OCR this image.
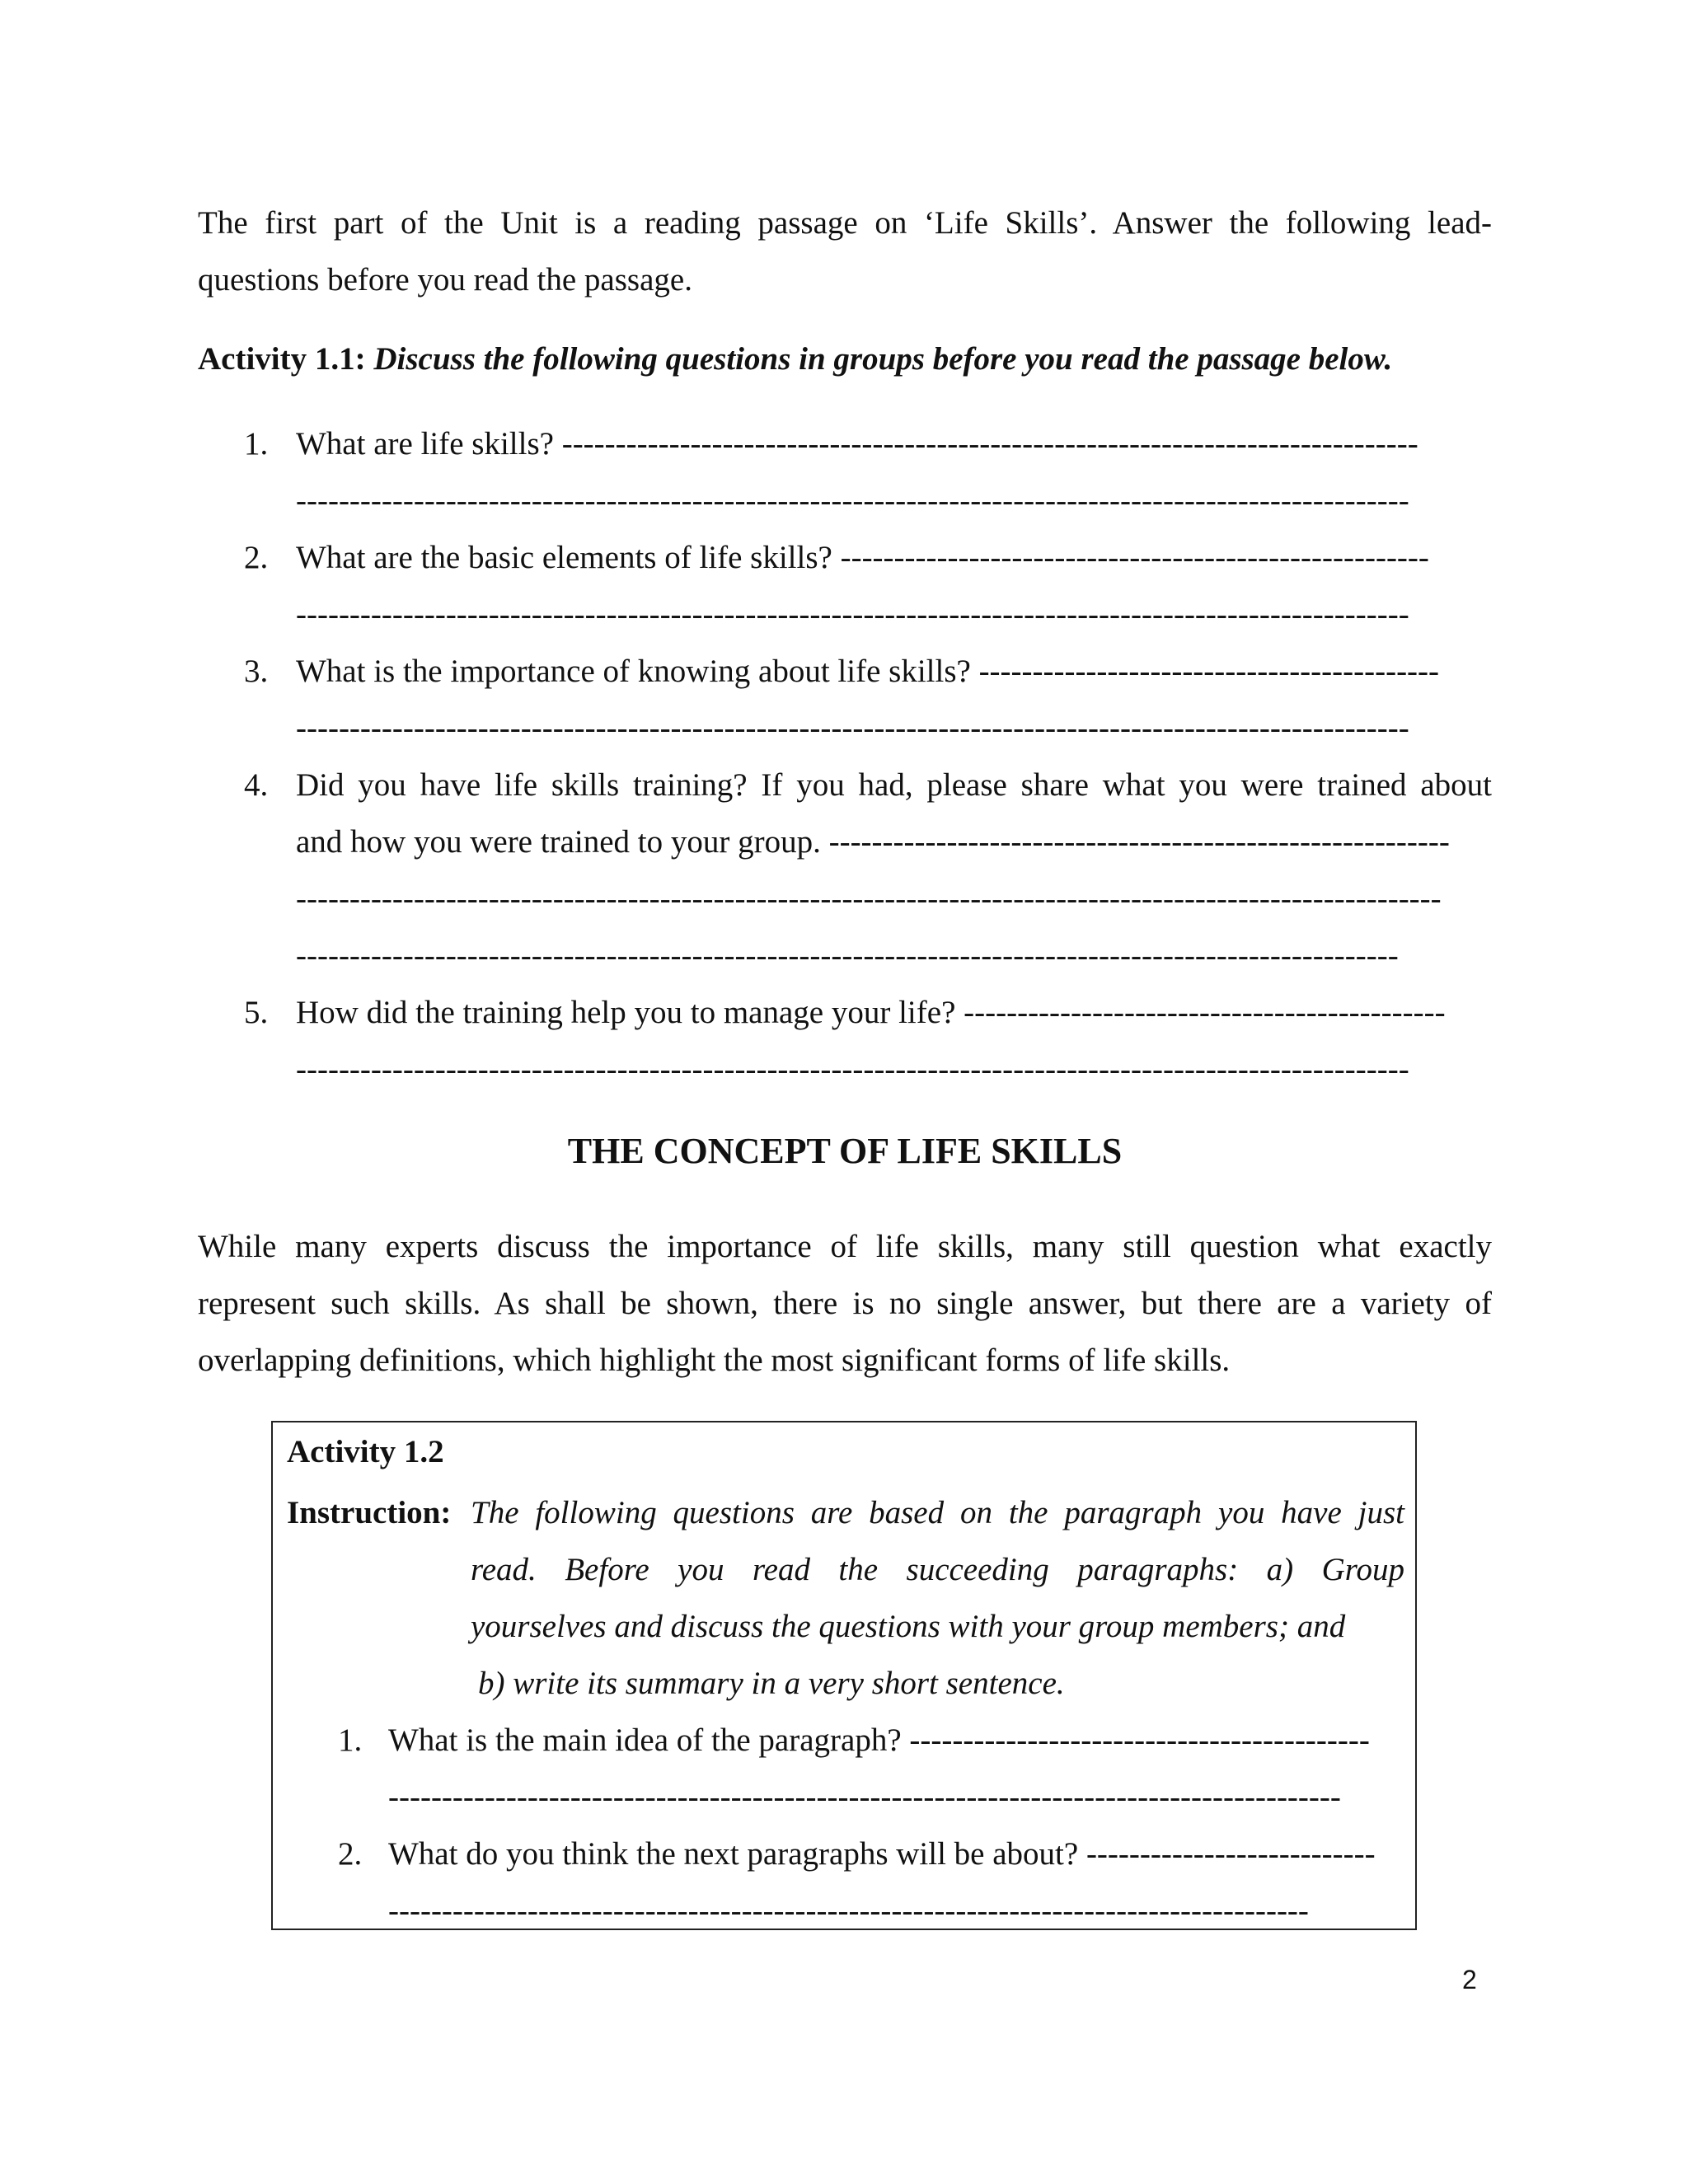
The first part of the Unit is a reading passage on ‘Life Skills’. Answer the following lead-
questions before you read the passage.
Activity 1.1: Discuss the following questions in groups before you read the passage below.
1. What are life skills? --------------------------------------------------------------------------------
--------------------------------------------------------------------------------------------------------
2. What are the basic elements of life skills? -------------------------------------------------------
--------------------------------------------------------------------------------------------------------
3. What is the importance of knowing about life skills? -------------------------------------------
--------------------------------------------------------------------------------------------------------
4. Did you have life skills training? If you had, please share what you were trained about
and how you were trained to your group. ----------------------------------------------------------
-----------------------------------------------------------------------------------------------------------
-------------------------------------------------------------------------------------------------------
5. How did the training help you to manage your life? ---------------------------------------------
--------------------------------------------------------------------------------------------------------
THE CONCEPT OF LIFE SKILLS
While many experts discuss the importance of life skills, many still question what exactly
represent such skills. As shall be shown, there is no single answer, but there are a variety of
overlapping definitions, which highlight the most significant forms of life skills.
Activity 1.2
Instruction: The following questions are based on the paragraph you have just
read. Before you read the succeeding paragraphs: a) Group
yourselves and discuss the questions with your group members; and
b) write its summary in a very short sentence.
1. What is the main idea of the paragraph? -------------------------------------------
-----------------------------------------------------------------------------------------
2. What do you think the next paragraphs will be about? ---------------------------
--------------------------------------------------------------------------------------
2
